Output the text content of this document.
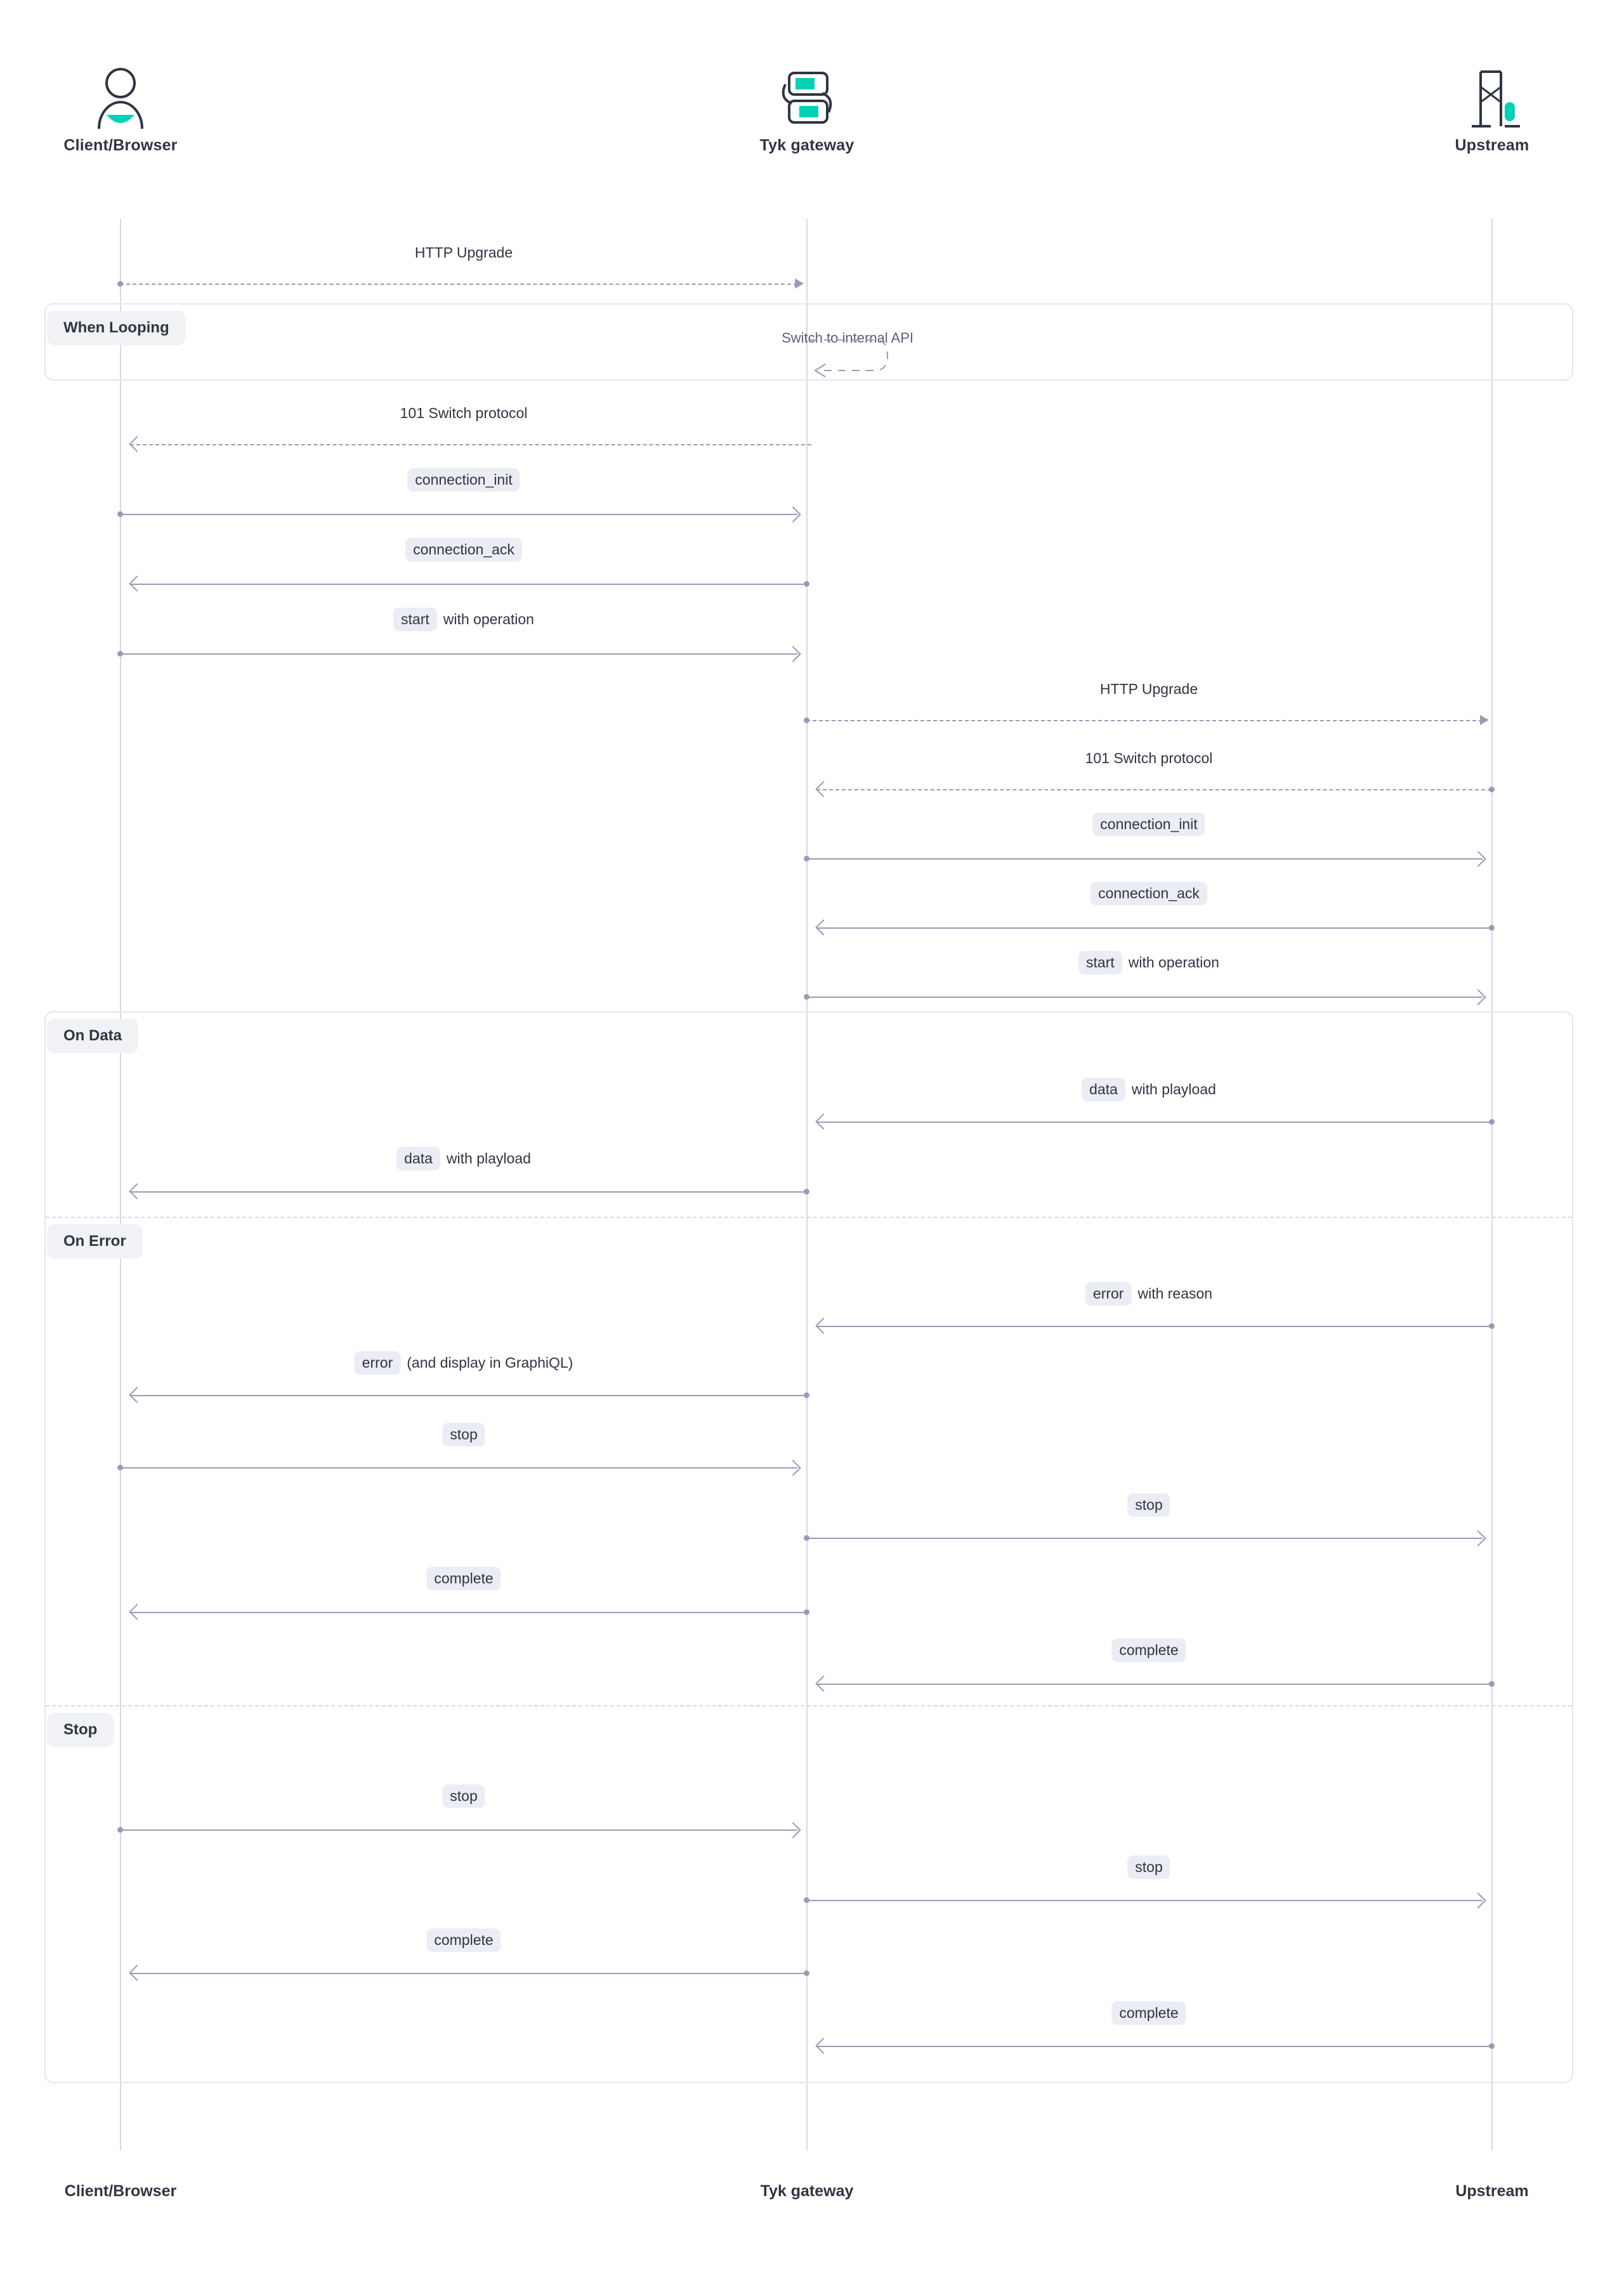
Client/Browser	Tyk gateway	Upstream
When Looping
On Data
On Error
Stop
HTTP Upgrade
Switch to internal API
101 Switch protocol
connection_init
connection_ack
start with operation
HTTP Upgrade
101 Switch protocol
connection_init
connection_ack
start with operation
data with playload
data with playload
error with reason
error (and display in GraphiQL)
stop
stop
complete
complete
stop
stop
complete
complete
Client/Browser	Tyk gateway	Upstream
